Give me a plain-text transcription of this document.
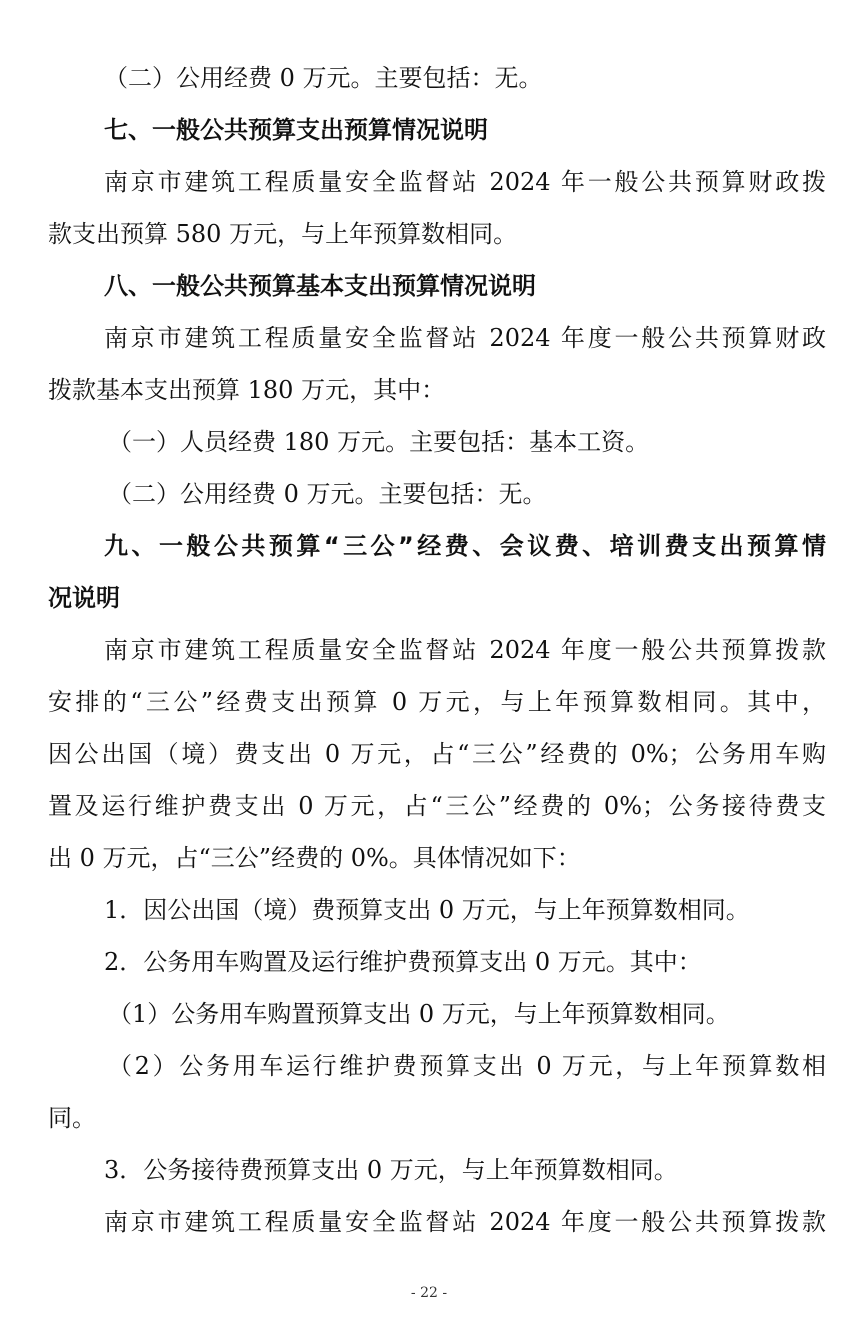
（二）公用经费 0 万元。主要包括：无。
七、一般公共预算支出预算情况说明
南京市建筑工程质量安全监督站 2024 年一般公共预算财政拨
款支出预算 580 万元，与上年预算数相同。
八、一般公共预算基本支出预算情况说明
南京市建筑工程质量安全监督站 2024 年度一般公共预算财政
拨款基本支出预算 180 万元，其中：
（一）人员经费 180 万元。主要包括：基本工资。
（二）公用经费 0 万元。主要包括：无。
九、一般公共预算“三公”经费、会议费、培训费支出预算情
况说明
南京市建筑工程质量安全监督站 2024 年度一般公共预算拨款
安排的“三公”经费支出预算 0 万元，与上年预算数相同。其中，
因公出国（境）费支出 0 万元，占“三公”经费的 0%；公务用车购
置及运行维护费支出 0 万元，占“三公”经费的 0%；公务接待费支
出 0 万元，占“三公”经费的 0%。具体情况如下：
1．因公出国（境）费预算支出 0 万元，与上年预算数相同。
2．公务用车购置及运行维护费预算支出 0 万元。其中：
（1）公务用车购置预算支出 0 万元，与上年预算数相同。
（2）公务用车运行维护费预算支出 0 万元，与上年预算数相
同。
3．公务接待费预算支出 0 万元，与上年预算数相同。
南京市建筑工程质量安全监督站 2024 年度一般公共预算拨款
- 22 -
